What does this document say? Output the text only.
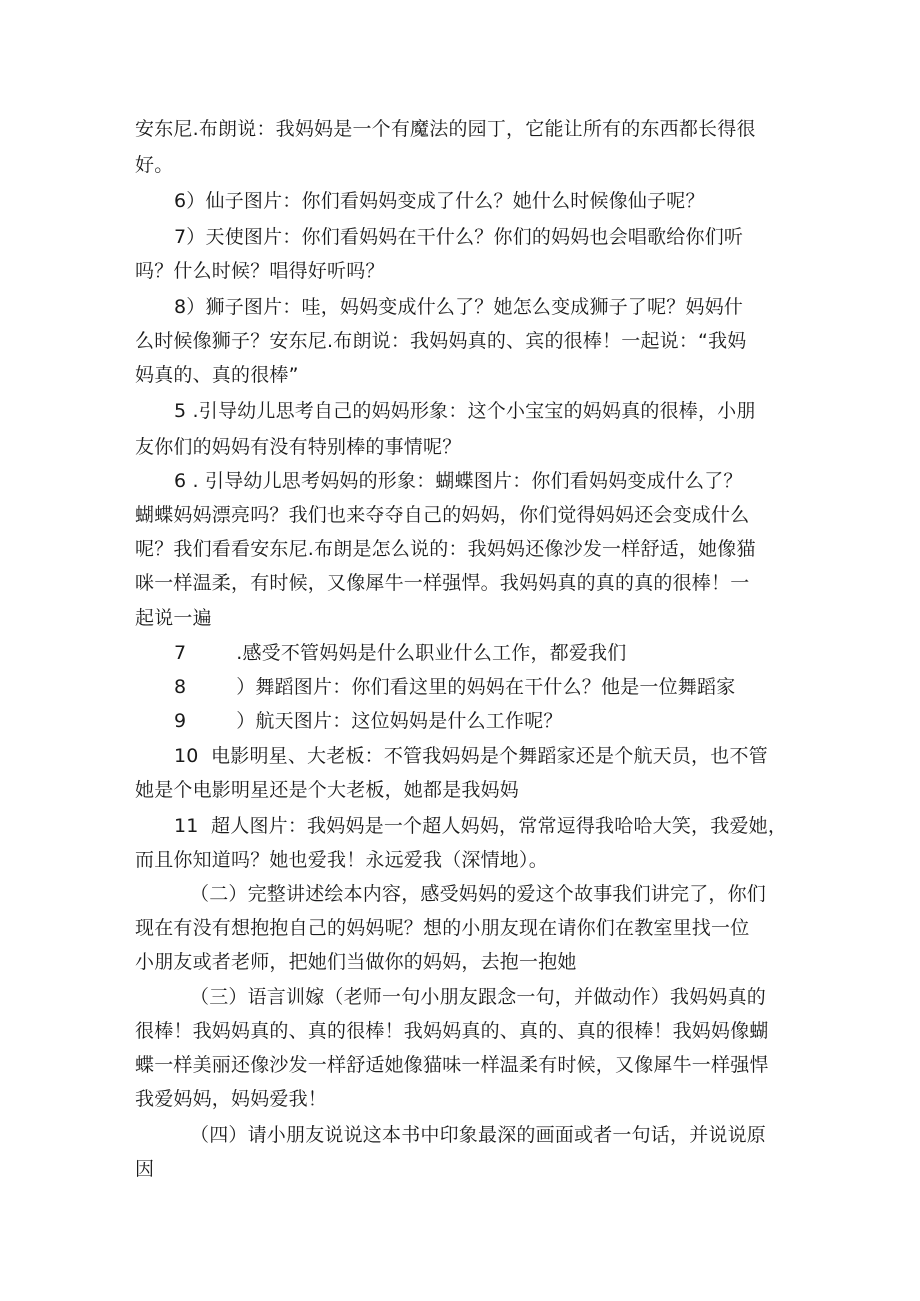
安东尼.布朗说：我妈妈是一个有魔法的园丁，它能让所有的东西都长得很
好。
6）仙子图片：你们看妈妈变成了什么？她什么时候像仙子呢？
7）天使图片：你们看妈妈在干什么？你们的妈妈也会唱歌给你们听
吗？什么时候？唱得好听吗？
8）狮子图片：哇，妈妈变成什么了？她怎么变成狮子了呢？妈妈什
么时候像狮子？安东尼.布朗说：我妈妈真的、宾的很棒！一起说：“我妈
妈真的、真的很棒”
5 .引导幼儿思考自己的妈妈形象：这个小宝宝的妈妈真的很棒，小朋
友你们的妈妈有没有特别棒的事情呢？
6 . 引导幼儿思考妈妈的形象：蝴蝶图片：你们看妈妈变成什么了？
蝴蝶妈妈漂亮吗？我们也来夺夺自己的妈妈，你们觉得妈妈还会变成什么
呢？我们看看安东尼.布朗是怎么说的：我妈妈还像沙发一样舒适，她像猫
咪一样温柔，有时候，又像犀牛一样强悍。我妈妈真的真的真的很棒！一
起说一遍
7        .感受不管妈妈是什么职业什么工作，都爱我们
8        ）舞蹈图片：你们看这里的妈妈在干什么？他是一位舞蹈家
9        ）航天图片：这位妈妈是什么工作呢？
10  电影明星、大老板：不管我妈妈是个舞蹈家还是个航天员，也不管
她是个电影明星还是个大老板，她都是我妈妈
11  超人图片：我妈妈是一个超人妈妈，常常逗得我哈哈大笑，我爱她，
而且你知道吗？她也爱我！永远爱我（深情地）。
（二）完整讲述绘本内容，感受妈妈的爱这个故事我们讲完了，你们
现在有没有想抱抱自己的妈妈呢？想的小朋友现在请你们在教室里找一位
小朋友或者老师，把她们当做你的妈妈，去抱一抱她
（三）语言训嫁（老师一句小朋友跟念一句，并做动作）我妈妈真的
很棒！我妈妈真的、真的很棒！我妈妈真的、真的、真的很棒！我妈妈像蝴
蝶一样美丽还像沙发一样舒适她像猫味一样温柔有时候，又像犀牛一样强悍
我爱妈妈，妈妈爱我！
（四）请小朋友说说这本书中印象最深的画面或者一句话，并说说原
因
